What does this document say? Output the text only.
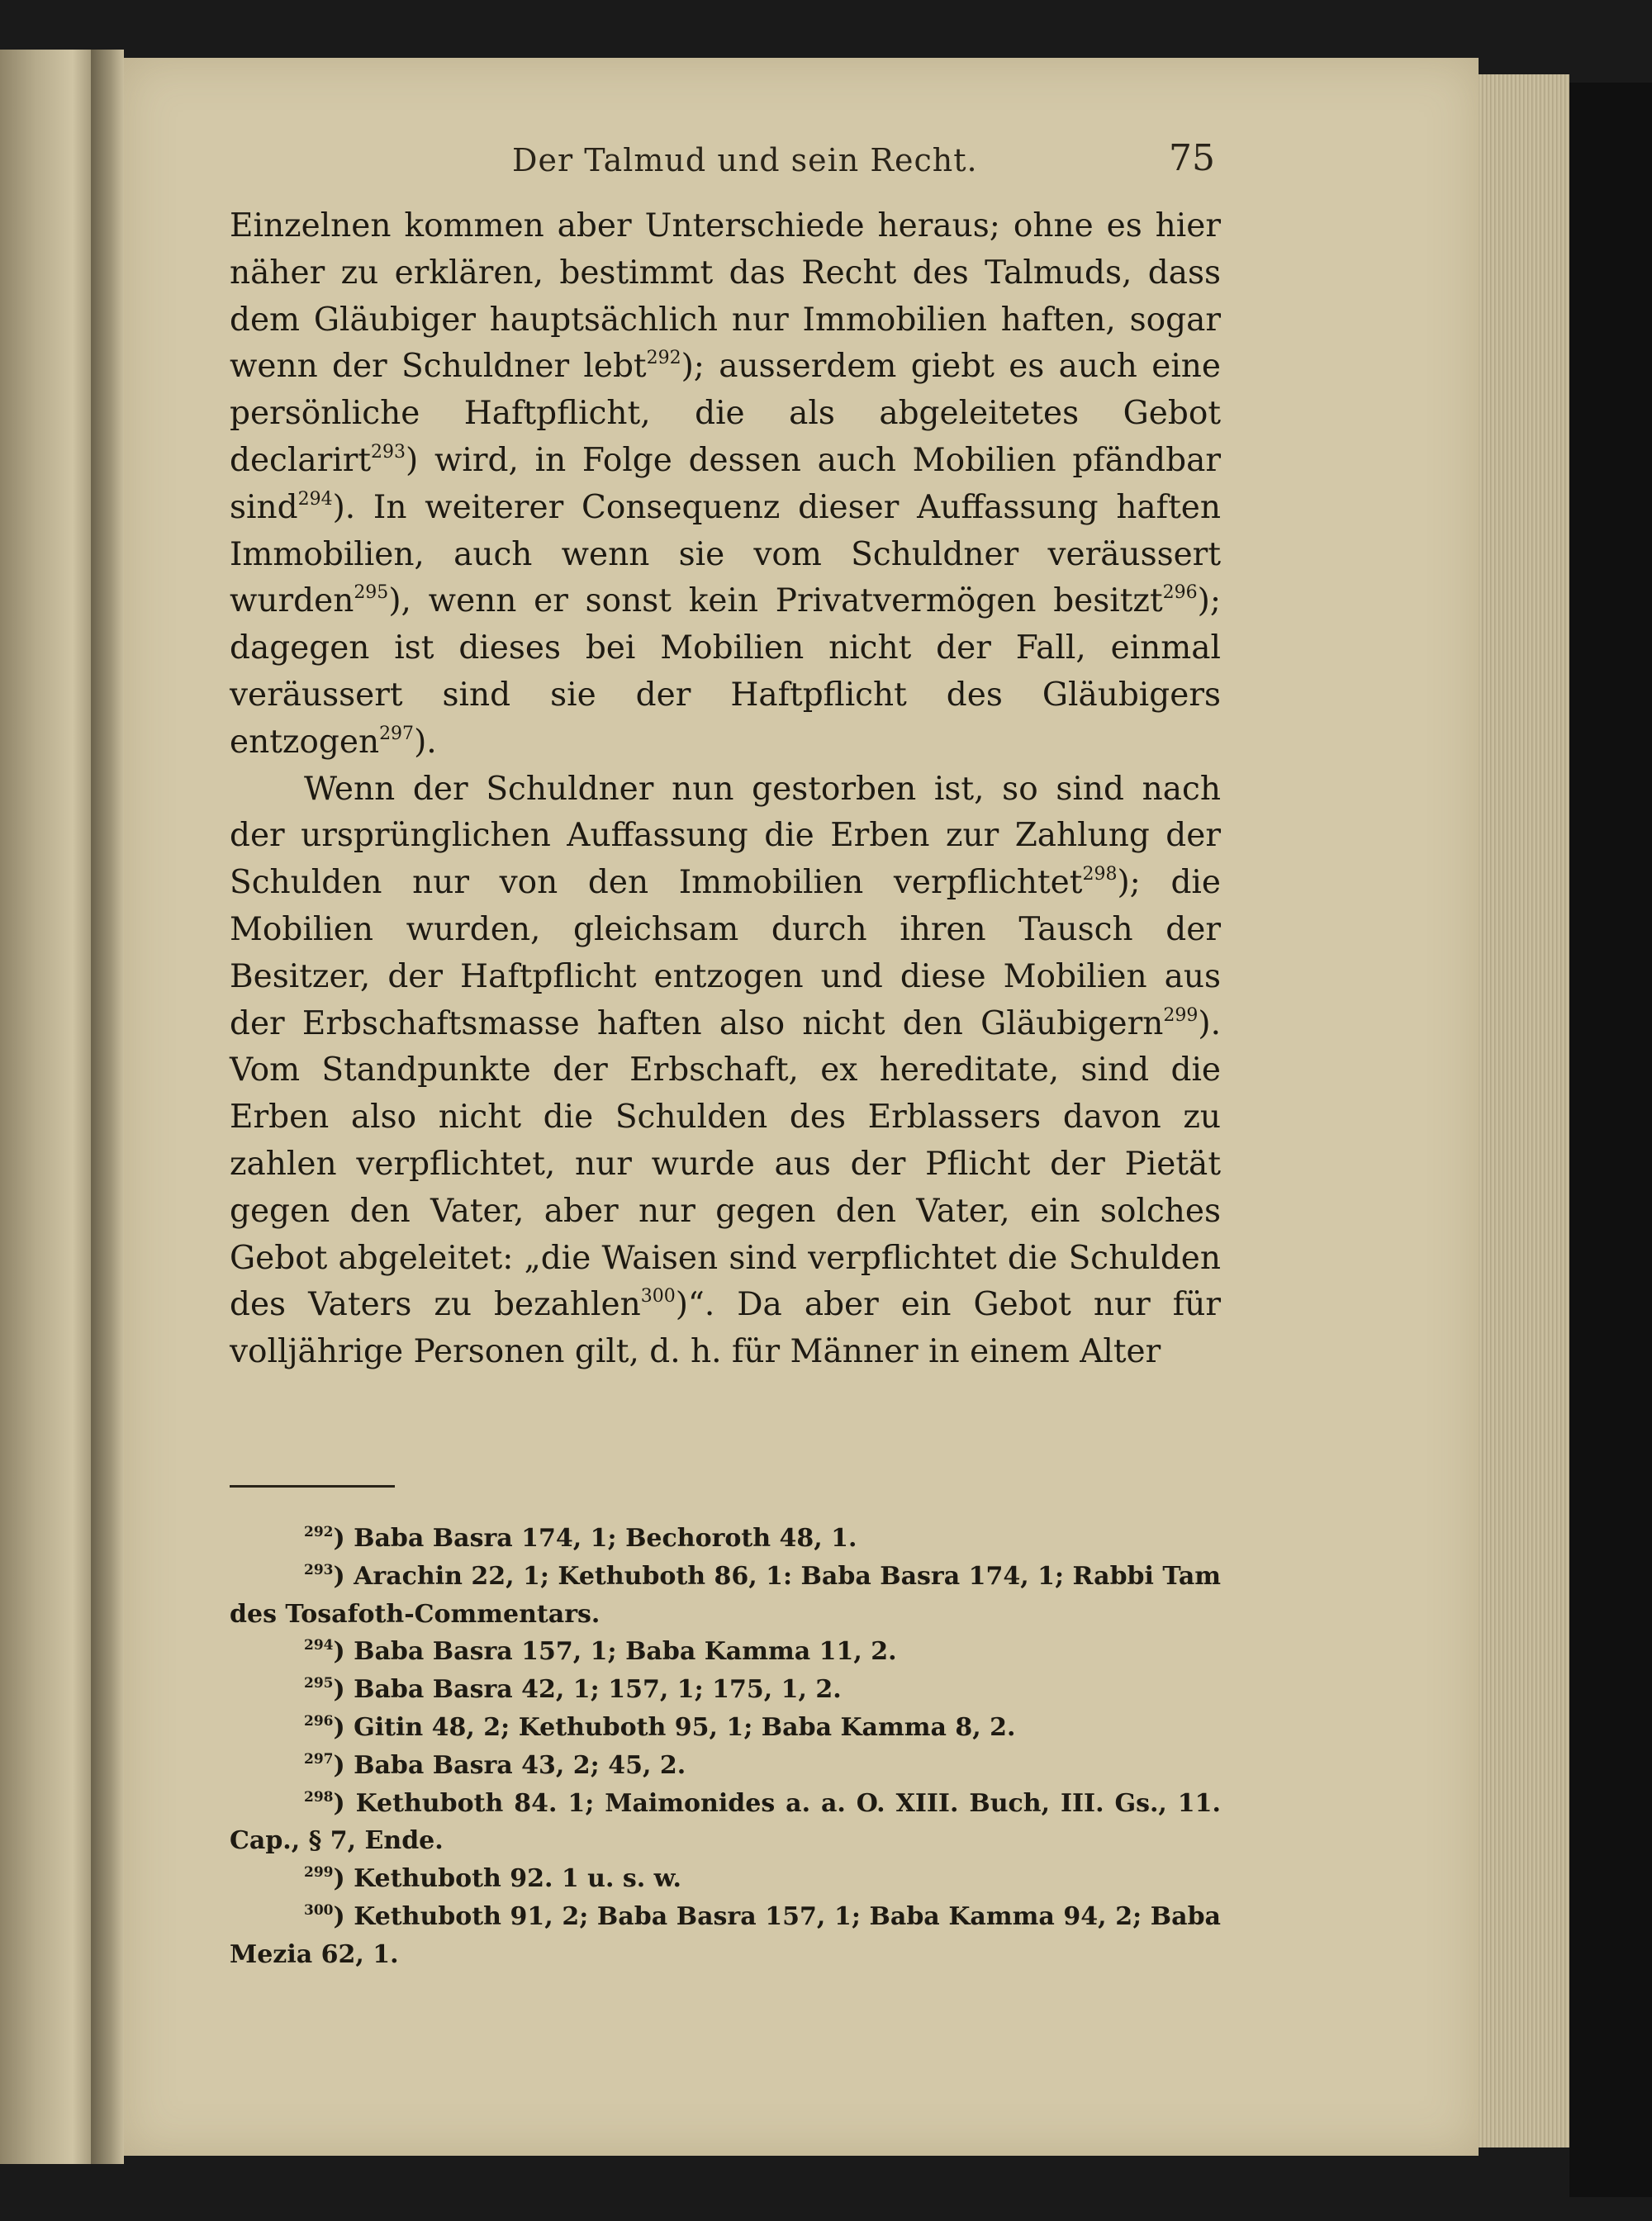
Der Talmud und sein Recht.	75

Einzelnen kommen aber Unterschiede heraus; ohne es hier näher zu erklären, bestimmt das Recht des Talmuds, dass dem Gläubiger hauptsächlich nur Immobilien haften, sogar wenn der Schuldner lebt$^{292}$); ausserdem giebt es auch eine persönliche Haftpflicht, die als abgeleitetes Gebot declarirt$^{293}$) wird, in Folge dessen auch Mobilien pfändbar sind$^{294}$). In weiterer Consequenz dieser Auffassung haften Immobilien, auch wenn sie vom Schuldner veräussert wurden$^{295}$), wenn er sonst kein Privatvermögen besitzt$^{296}$); dagegen ist dieses bei Mobilien nicht der Fall, einmal veräussert sind sie der Haftpflicht des Gläubigers entzogen$^{297}$).

Wenn der Schuldner nun gestorben ist, so sind nach der ursprünglichen Auffassung die Erben zur Zahlung der Schulden nur von den Immobilien verpflichtet$^{298}$); die Mobilien wurden, gleichsam durch ihren Tausch der Besitzer, der Haftpflicht entzogen und diese Mobilien aus der Erbschaftsmasse haften also nicht den Gläubigern$^{299}$). Vom Standpunkte der Erbschaft, ex hereditate, sind die Erben also nicht die Schulden des Erblassers davon zu zahlen verpflichtet, nur wurde aus der Pflicht der Pietät gegen den Vater, aber nur gegen den Vater, ein solches Gebot abgeleitet: „die Waisen sind verpflichtet die Schulden des Vaters zu bezahlen$^{300}$)“. Da aber ein Gebot nur für volljährige Personen gilt, d. h. für Männer in einem Alter

$^{292}$) Baba Basra 174, 1; Bechoroth 48, 1.

$^{293}$) Arachin 22, 1; Kethuboth 86, 1: Baba Basra 174, 1; Rabbi Tam des Tosafoth-Commentars.

$^{294}$) Baba Basra 157, 1; Baba Kamma 11, 2.

$^{295}$) Baba Basra 42, 1; 157, 1; 175, 1, 2.

$^{296}$) Gitin 48, 2; Kethuboth 95, 1; Baba Kamma 8, 2.

$^{297}$) Baba Basra 43, 2; 45, 2.

$^{298}$) Kethuboth 84. 1; Maimonides a. a. O. XIII. Buch, III. Gs., 11. Cap., § 7, Ende.

$^{299}$) Kethuboth 92. 1 u. s. w.

$^{300}$) Kethuboth 91, 2; Baba Basra 157, 1; Baba Kamma 94, 2; Baba Mezia 62, 1.
